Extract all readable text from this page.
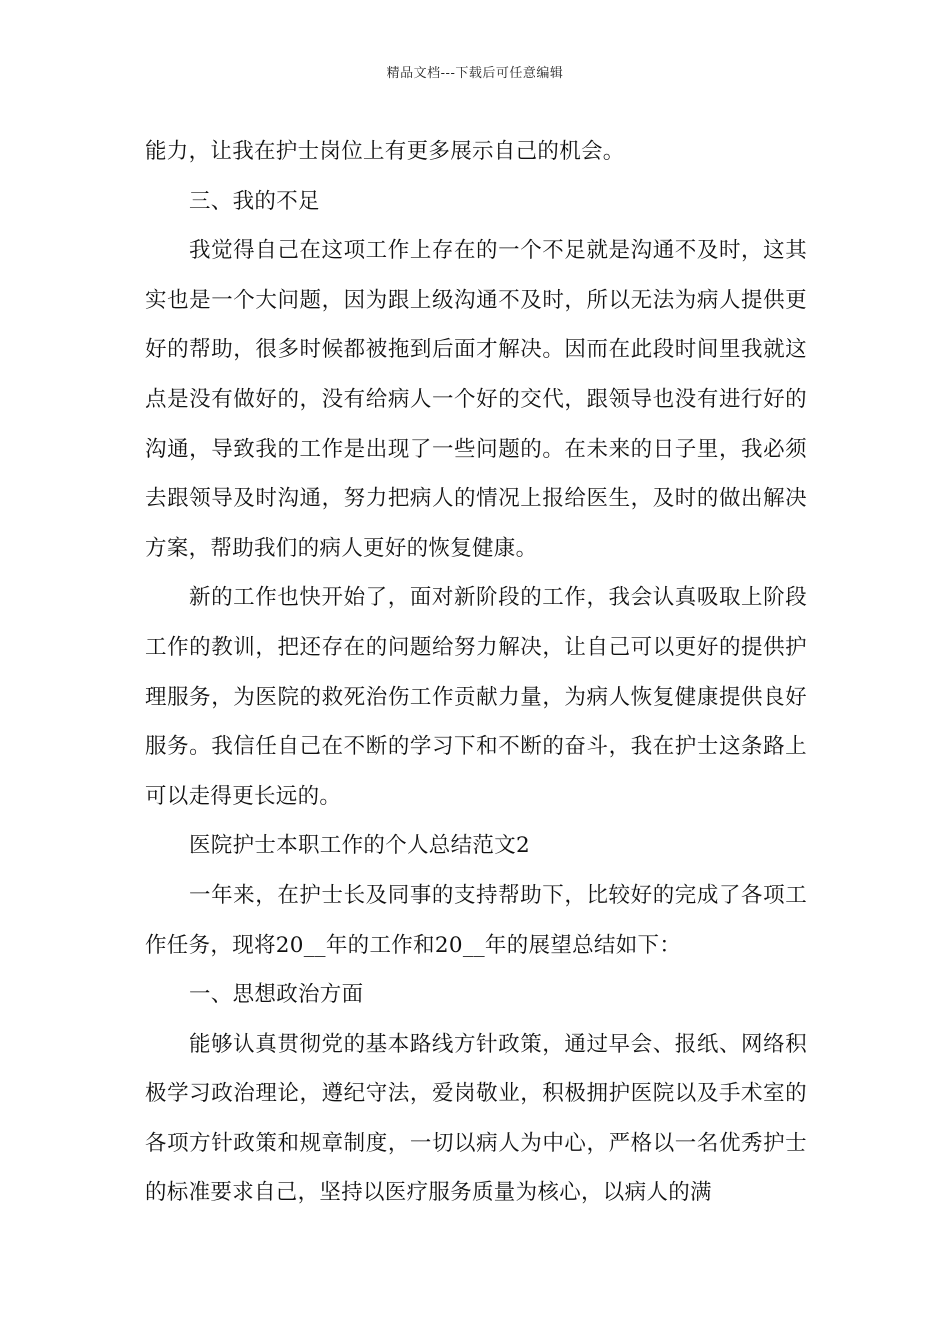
精品文档---下载后可任意编辑

能力，让我在护士岗位上有更多展示自己的机会。

三、我的不足

我觉得自己在这项工作上存在的一个不足就是沟通不及时，这其实也是一个大问题，因为跟上级沟通不及时，所以无法为病人提供更好的帮助，很多时候都被拖到后面才解决。因而在此段时间里我就这点是没有做好的，没有给病人一个好的交代，跟领导也没有进行好的沟通，导致我的工作是出现了一些问题的。在未来的日子里，我必须去跟领导及时沟通，努力把病人的情况上报给医生，及时的做出解决方案，帮助我们的病人更好的恢复健康。

新的工作也快开始了，面对新阶段的工作，我会认真吸取上阶段工作的教训，把还存在的问题给努力解决，让自己可以更好的提供护理服务，为医院的救死治伤工作贡献力量，为病人恢复健康提供良好服务。我信任自己在不断的学习下和不断的奋斗，我在护士这条路上可以走得更长远的。

医院护士本职工作的个人总结范文2

一年来，在护士长及同事的支持帮助下，比较好的完成了各项工作任务，现将20__年的工作和20__年的展望总结如下：

一、思想政治方面

能够认真贯彻党的基本路线方针政策，通过早会、报纸、网络积极学习政治理论，遵纪守法，爱岗敬业，积极拥护医院以及手术室的各项方针政策和规章制度，一切以病人为中心，严格以一名优秀护士的标准要求自己，坚持以医疗服务质量为核心，以病人的满
